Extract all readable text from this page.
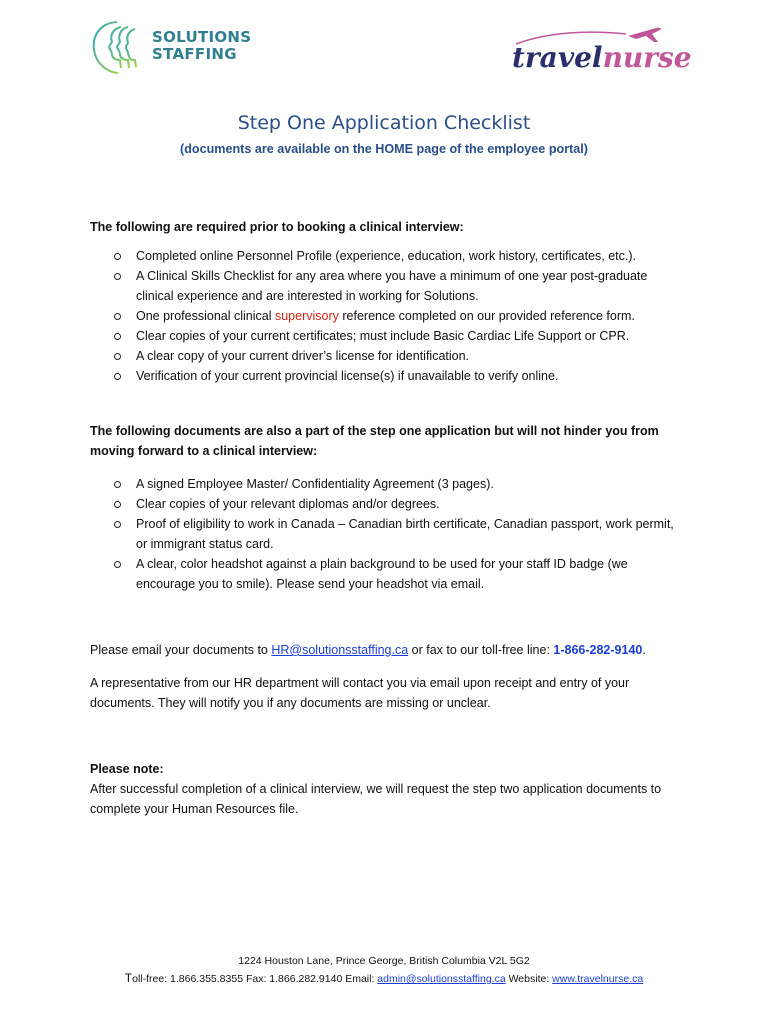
SOLUTIONS
STAFFING	travelnurse
Step One Application Checklist
(documents are available on the HOME page of the employee portal)
The following are required prior to booking a clinical interview:
Completed online Personnel Profile (experience, education, work history, certificates, etc.).
A Clinical Skills Checklist for any area where you have a minimum of one year post-graduate clinical experience and are interested in working for Solutions.
One professional clinical supervisory reference completed on our provided reference form.
Clear copies of your current certificates; must include Basic Cardiac Life Support or CPR.
A clear copy of your current driver’s license for identification.
Verification of your current provincial license(s) if unavailable to verify online.
The following documents are also a part of the step one application but will not hinder you from moving forward to a clinical interview:
A signed Employee Master/ Confidentiality Agreement (3 pages).
Clear copies of your relevant diplomas and/or degrees.
Proof of eligibility to work in Canada – Canadian birth certificate, Canadian passport, work permit, or immigrant status card.
A clear, color headshot against a plain background to be used for your staff ID badge (we encourage you to smile). Please send your headshot via email.
Please email your documents to HR@solutionsstaffing.ca or fax to our toll-free line: 1-866-282-9140.
A representative from our HR department will contact you via email upon receipt and entry of your documents. They will notify you if any documents are missing or unclear.
Please note:
After successful completion of a clinical interview, we will request the step two application documents to complete your Human Resources file.
1224 Houston Lane, Prince George, British Columbia V2L 5G2
Toll-free: 1.866.355.8355 Fax: 1.866.282.9140 Email: admin@solutionsstaffing.ca Website: www.travelnurse.ca
